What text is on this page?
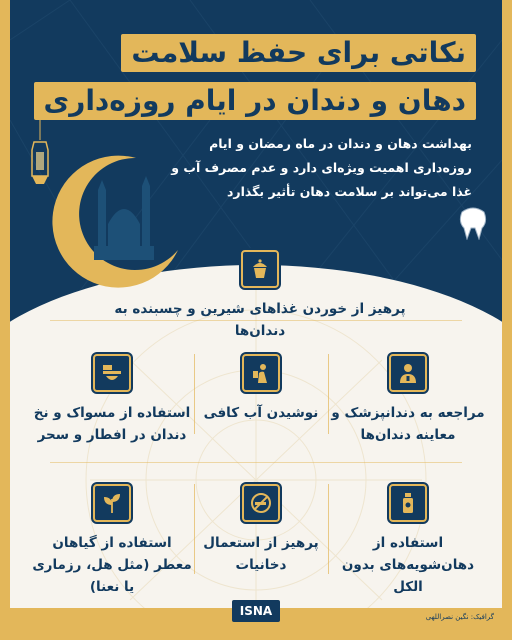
نکاتی برای حفظ سلامت
دهان و دندان در ایام روزه‌داری
بهداشت دهان و دندان در ماه رمضان و ایام روزه‌داری اهمیت ویژه‌ای دارد و عدم مصرف آب و غذا می‌تواند بر سلامت دهان تأثیر بگذارد
پرهیز از خوردن غذاهای شیرین و چسبنده به دندان‌ها
مراجعه به دندانپزشک و معاینه دندان‌ها
نوشیدن آب کافی
استفاده از مسواک و نخ دندان در افطار و سحر
استفاده از دهان‌شویه‌های بدون الکل
پرهیز از استعمال دخانیات
استفاده از گیاهان معطر (مثل هل، رزماری یا نعنا)
ISNA	گرافیک: نگین نصراللهی
